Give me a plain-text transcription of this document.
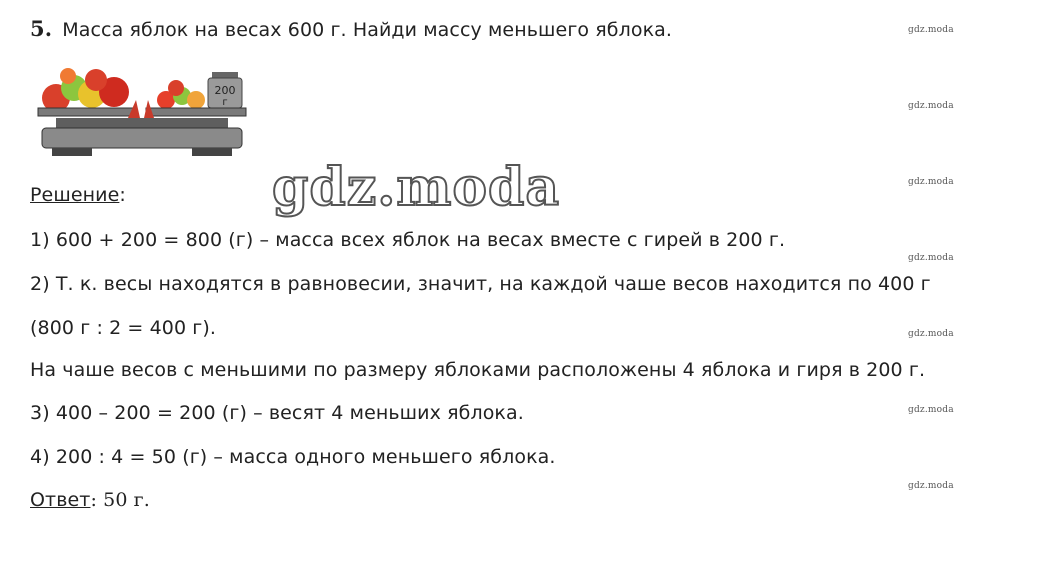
5. Масса яблок на весах 600 г. Найди массу меньшего яблока.
200
г
gdz.moda
Решение:
1) 600 + 200 = 800 (г) – масса всех яблок на весах вместе с гирей в 200 г.
2) Т. к. весы находятся в равновесии, значит, на каждой чаше весов находится по 400 г
(800 г : 2 = 400 г).
На чаше весов с меньшими по размеру яблоками расположены 4 яблока и гиря в 200 г.
3) 400 – 200 = 200 (г) – весят 4 меньших яблока.
4) 200 : 4 = 50 (г) – масса одного меньшего яблока.
Ответ: 50 г.
gdz.moda
gdz.moda
gdz.moda
gdz.moda
gdz.moda
gdz.moda
gdz.moda
